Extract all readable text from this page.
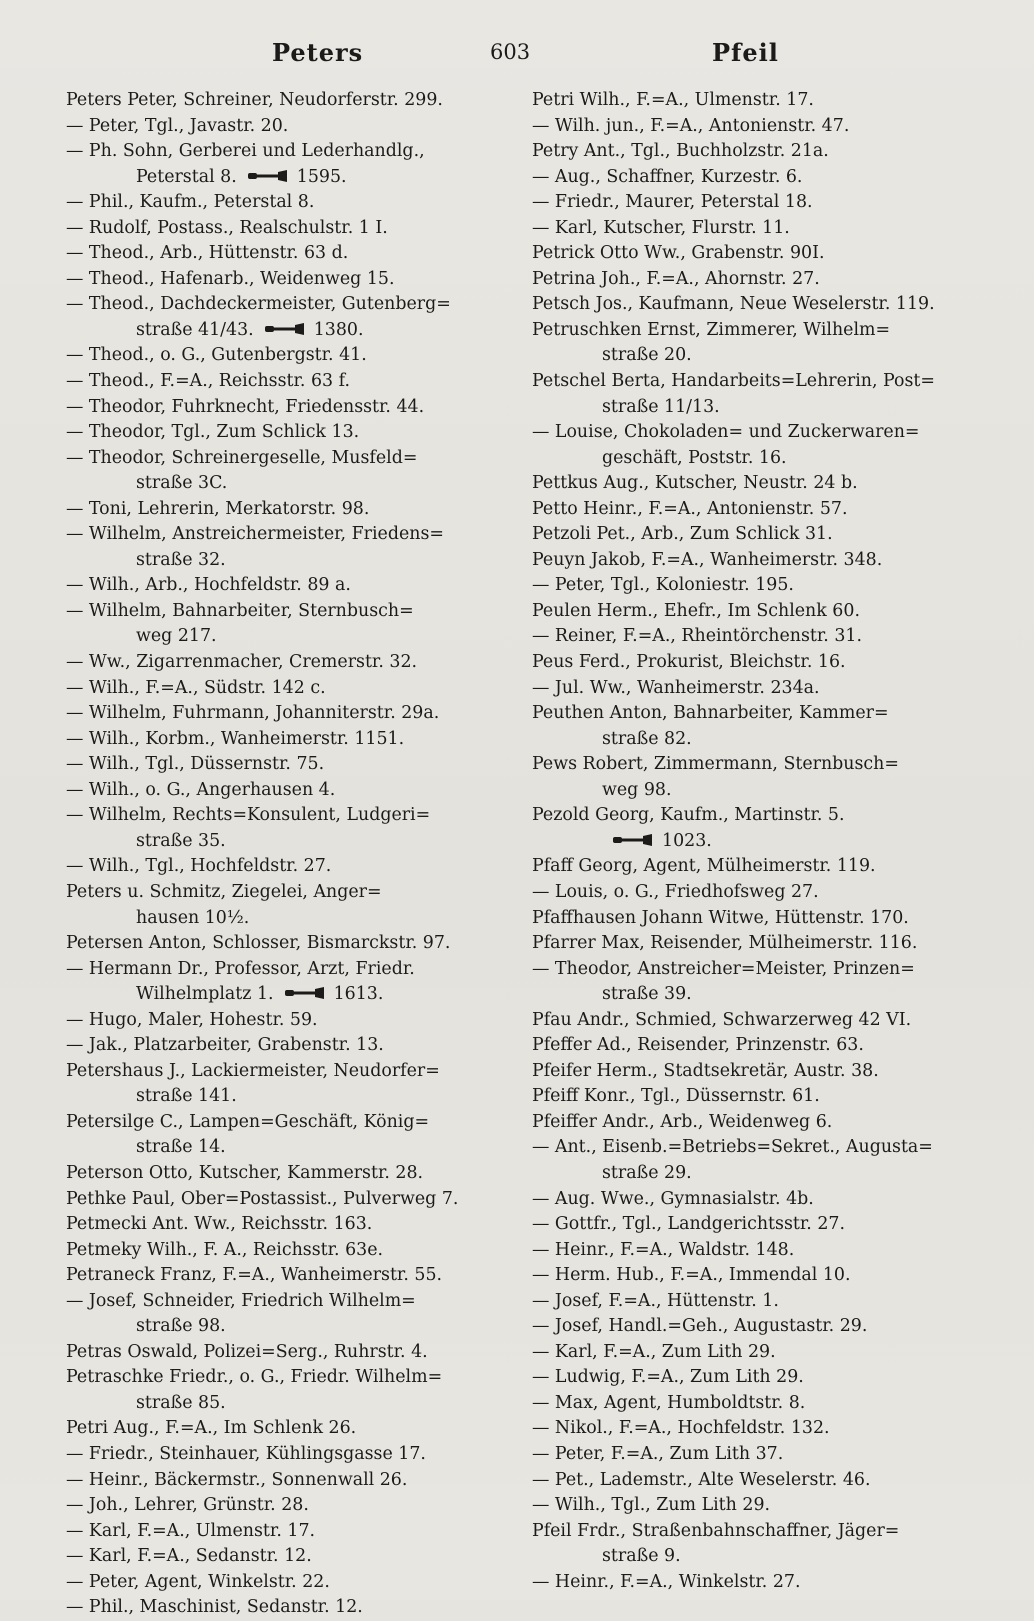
Peters	603	Pfeil
Peters Peter, Schreiner, Neudorferstr. 299.
— Peter, Tgl., Javastr. 20.
— Ph. Sohn, Gerberei und Lederhandlg.,
Peterstal 8.	1595.
— Phil., Kaufm., Peterstal 8.
— Rudolf, Postass., Realschulstr. 1 I.
— Theod., Arb., Hüttenstr. 63 d.
— Theod., Hafenarb., Weidenweg 15.
— Theod., Dachdeckermeister, Gutenberg=
straße 41/43.	1380.
— Theod., o. G., Gutenbergstr. 41.
— Theod., F.=A., Reichsstr. 63 f.
— Theodor, Fuhrknecht, Friedensstr. 44.
— Theodor, Tgl., Zum Schlick 13.
— Theodor, Schreinergeselle, Musfeld=
straße 3C.
— Toni, Lehrerin, Merkatorstr. 98.
— Wilhelm, Anstreichermeister, Friedens=
straße 32.
— Wilh., Arb., Hochfeldstr. 89 a.
— Wilhelm, Bahnarbeiter, Sternbusch=
weg 217.
— Ww., Zigarrenmacher, Cremerstr. 32.
— Wilh., F.=A., Südstr. 142 c.
— Wilhelm, Fuhrmann, Johanniterstr. 29a.
— Wilh., Korbm., Wanheimerstr. 1151.
— Wilh., Tgl., Düssernstr. 75.
— Wilh., o. G., Angerhausen 4.
— Wilhelm, Rechts=Konsulent, Ludgeri=
straße 35.
— Wilh., Tgl., Hochfeldstr. 27.
Peters u. Schmitz, Ziegelei, Anger=
hausen 10½.
Petersen Anton, Schlosser, Bismarckstr. 97.
— Hermann Dr., Professor, Arzt, Friedr.
Wilhelmplatz 1.	1613.
— Hugo, Maler, Hohestr. 59.
— Jak., Platzarbeiter, Grabenstr. 13.
Petershaus J., Lackiermeister, Neudorfer=
straße 141.
Petersilge C., Lampen=Geschäft, König=
straße 14.
Peterson Otto, Kutscher, Kammerstr. 28.
Pethke Paul, Ober=Postassist., Pulverweg 7.
Petmecki Ant. Ww., Reichsstr. 163.
Petmeky Wilh., F. A., Reichsstr. 63e.
Petraneck Franz, F.=A., Wanheimerstr. 55.
— Josef, Schneider, Friedrich Wilhelm=
straße 98.
Petras Oswald, Polizei=Serg., Ruhrstr. 4.
Petraschke Friedr., o. G., Friedr. Wilhelm=
straße 85.
Petri Aug., F.=A., Im Schlenk 26.
— Friedr., Steinhauer, Kühlingsgasse 17.
— Heinr., Bäckermstr., Sonnenwall 26.
— Joh., Lehrer, Grünstr. 28.
— Karl, F.=A., Ulmenstr. 17.
— Karl, F.=A., Sedanstr. 12.
— Peter, Agent, Winkelstr. 22.
— Phil., Maschinist, Sedanstr. 12.
Petri Wilh., F.=A., Ulmenstr. 17.
— Wilh. jun., F.=A., Antonienstr. 47.
Petry Ant., Tgl., Buchholzstr. 21a.
— Aug., Schaffner, Kurzestr. 6.
— Friedr., Maurer, Peterstal 18.
— Karl, Kutscher, Flurstr. 11.
Petrick Otto Ww., Grabenstr. 90I.
Petrina Joh., F.=A., Ahornstr. 27.
Petsch Jos., Kaufmann, Neue Weselerstr. 119.
Petruschken Ernst, Zimmerer, Wilhelm=
straße 20.
Petschel Berta, Handarbeits=Lehrerin, Post=
straße 11/13.
— Louise, Chokoladen= und Zuckerwaren=
geschäft, Poststr. 16.
Pettkus Aug., Kutscher, Neustr. 24 b.
Petto Heinr., F.=A., Antonienstr. 57.
Petzoli Pet., Arb., Zum Schlick 31.
Peuyn Jakob, F.=A., Wanheimerstr. 348.
— Peter, Tgl., Koloniestr. 195.
Peulen Herm., Ehefr., Im Schlenk 60.
— Reiner, F.=A., Rheintörchenstr. 31.
Peus Ferd., Prokurist, Bleichstr. 16.
— Jul. Ww., Wanheimerstr. 234a.
Peuthen Anton, Bahnarbeiter, Kammer=
straße 82.
Pews Robert, Zimmermann, Sternbusch=
weg 98.
Pezold Georg, Kaufm., Martinstr. 5.
1023.
Pfaff Georg, Agent, Mülheimerstr. 119.
— Louis, o. G., Friedhofsweg 27.
Pfaffhausen Johann Witwe, Hüttenstr. 170.
Pfarrer Max, Reisender, Mülheimerstr. 116.
— Theodor, Anstreicher=Meister, Prinzen=
straße 39.
Pfau Andr., Schmied, Schwarzerweg 42 VI.
Pfeffer Ad., Reisender, Prinzenstr. 63.
Pfeifer Herm., Stadtsekretär, Austr. 38.
Pfeiff Konr., Tgl., Düssernstr. 61.
Pfeiffer Andr., Arb., Weidenweg 6.
— Ant., Eisenb.=Betriebs=Sekret., Augusta=
straße 29.
— Aug. Wwe., Gymnasialstr. 4b.
— Gottfr., Tgl., Landgerichtsstr. 27.
— Heinr., F.=A., Waldstr. 148.
— Herm. Hub., F.=A., Immendal 10.
— Josef, F.=A., Hüttenstr. 1.
— Josef, Handl.=Geh., Augustastr. 29.
— Karl, F.=A., Zum Lith 29.
— Ludwig, F.=A., Zum Lith 29.
— Max, Agent, Humboldtstr. 8.
— Nikol., F.=A., Hochfeldstr. 132.
— Peter, F.=A., Zum Lith 37.
— Pet., Lademstr., Alte Weselerstr. 46.
— Wilh., Tgl., Zum Lith 29.
Pfeil Frdr., Straßenbahnschaffner, Jäger=
straße 9.
— Heinr., F.=A., Winkelstr. 27.
